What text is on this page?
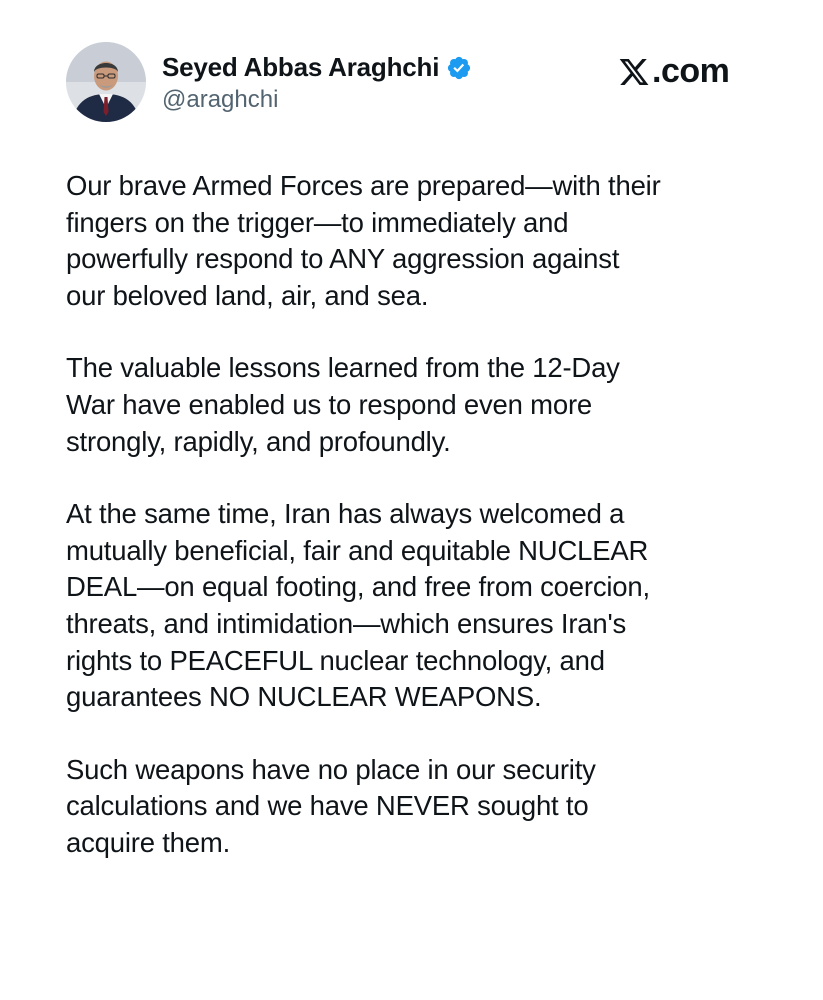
Seyed Abbas Araghchi
@araghchi
.com

Our brave Armed Forces are prepared—with their
fingers on the trigger—to immediately and
powerfully respond to ANY aggression against
our beloved land, air, and sea.

The valuable lessons learned from the 12-Day
War have enabled us to respond even more
strongly, rapidly, and profoundly.

At the same time, Iran has always welcomed a
mutually beneficial, fair and equitable NUCLEAR
DEAL—on equal footing, and free from coercion,
threats, and intimidation—which ensures Iran's
rights to PEACEFUL nuclear technology, and
guarantees NO NUCLEAR WEAPONS.

Such weapons have no place in our security
calculations and we have NEVER sought to
acquire them.
